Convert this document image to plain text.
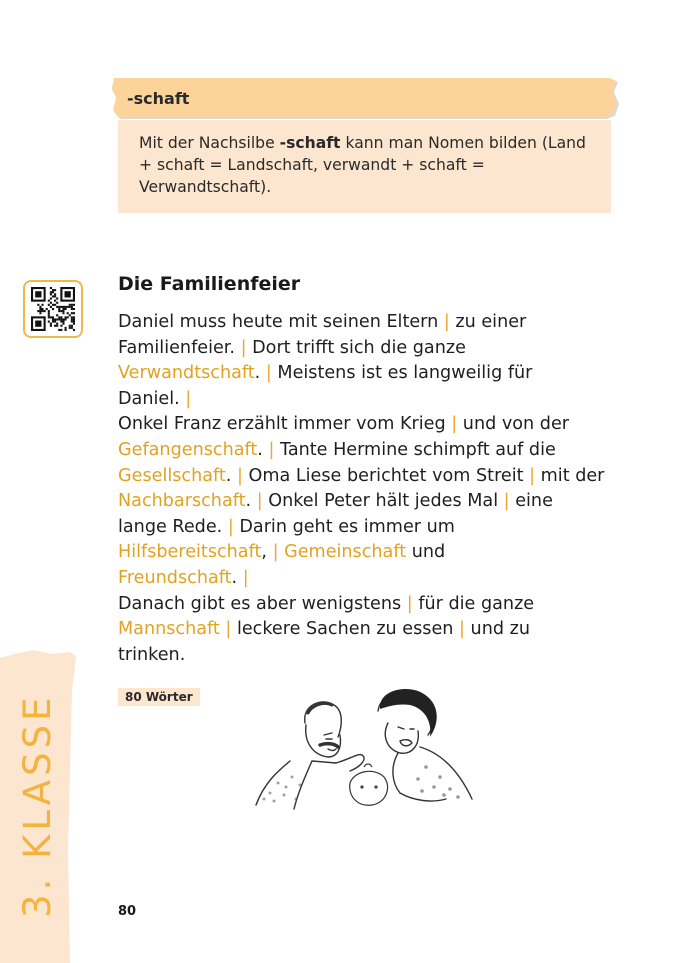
-schaft
Mit der Nachsilbe -schaft kann man Nomen bilden (Land + schaft = Landschaft, verwandt + schaft = Verwandtschaft).
Die Familienfeier
Daniel muss heute mit seinen Eltern | zu einer
Familienfeier. | Dort trifft sich die ganze
Verwandtschaft. | Meistens ist es langweilig für
Daniel. |
Onkel Franz erzählt immer vom Krieg | und von der
Gefangenschaft. | Tante Hermine schimpft auf die
Gesellschaft. | Oma Liese berichtet vom Streit | mit der
Nachbarschaft. | Onkel Peter hält jedes Mal | eine
lange Rede. | Darin geht es immer um
Hilfsbereitschaft, | Gemeinschaft und
Freundschaft. |
Danach gibt es aber wenigstens | für die ganze
Mannschaft | leckere Sachen zu essen | und zu
trinken.
80 Wörter
3. KLASSE	80
